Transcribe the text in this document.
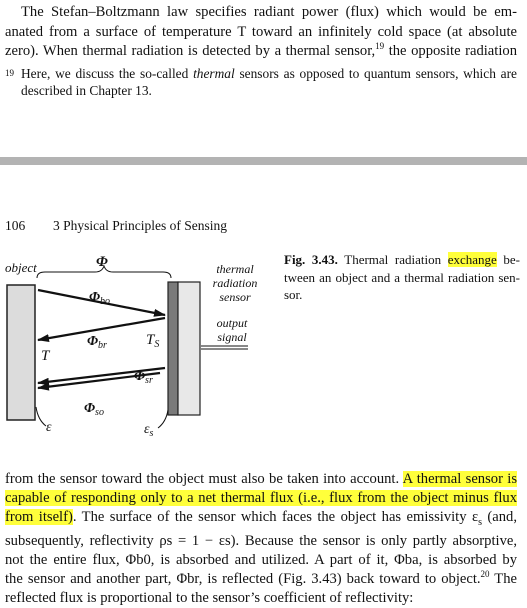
The Stefan–Boltzmann law specifies radiant power (flux) which would be em-
anated from a surface of temperature T toward an infinitely cold space (at absolute
zero). When thermal radiation is detected by a thermal sensor,$^{19}$ the opposite radiation
19 Here, we discuss the so-called thermal sensors as opposed to quantum sensors, which are
described in Chapter 13.
106 3 Physical Principles of Sensing
object	Φ
$\Phi_{bo}$
$\Phi_{br}$
$\Phi_{sr}$
$\Phi_{so}$
T
$T_S$
ε	$\varepsilon_s$
thermal
radiation
sensor
output
signal
Fig. 3.43. Thermal radiation exchange be-
tween an object and a thermal radiation sen-
sor.
from the sensor toward the object must also be taken into account. A thermal sensor is
capable of responding only to a net thermal flux (i.e., flux from the object minus flux
from itself). The surface of the sensor which faces the object has emissivity $\varepsilon_s$ (and,
subsequently, reflectivity ρs = 1 − εs). Because the sensor is only partly absorptive,
not the entire flux, Φb0, is absorbed and utilized. A part of it, Φba, is absorbed by
the sensor and another part, Φbr, is reflected (Fig. 3.43) back toward to object.$^{20}$ The
reflected flux is proportional to the sensor’s coefficient of reflectivity:
